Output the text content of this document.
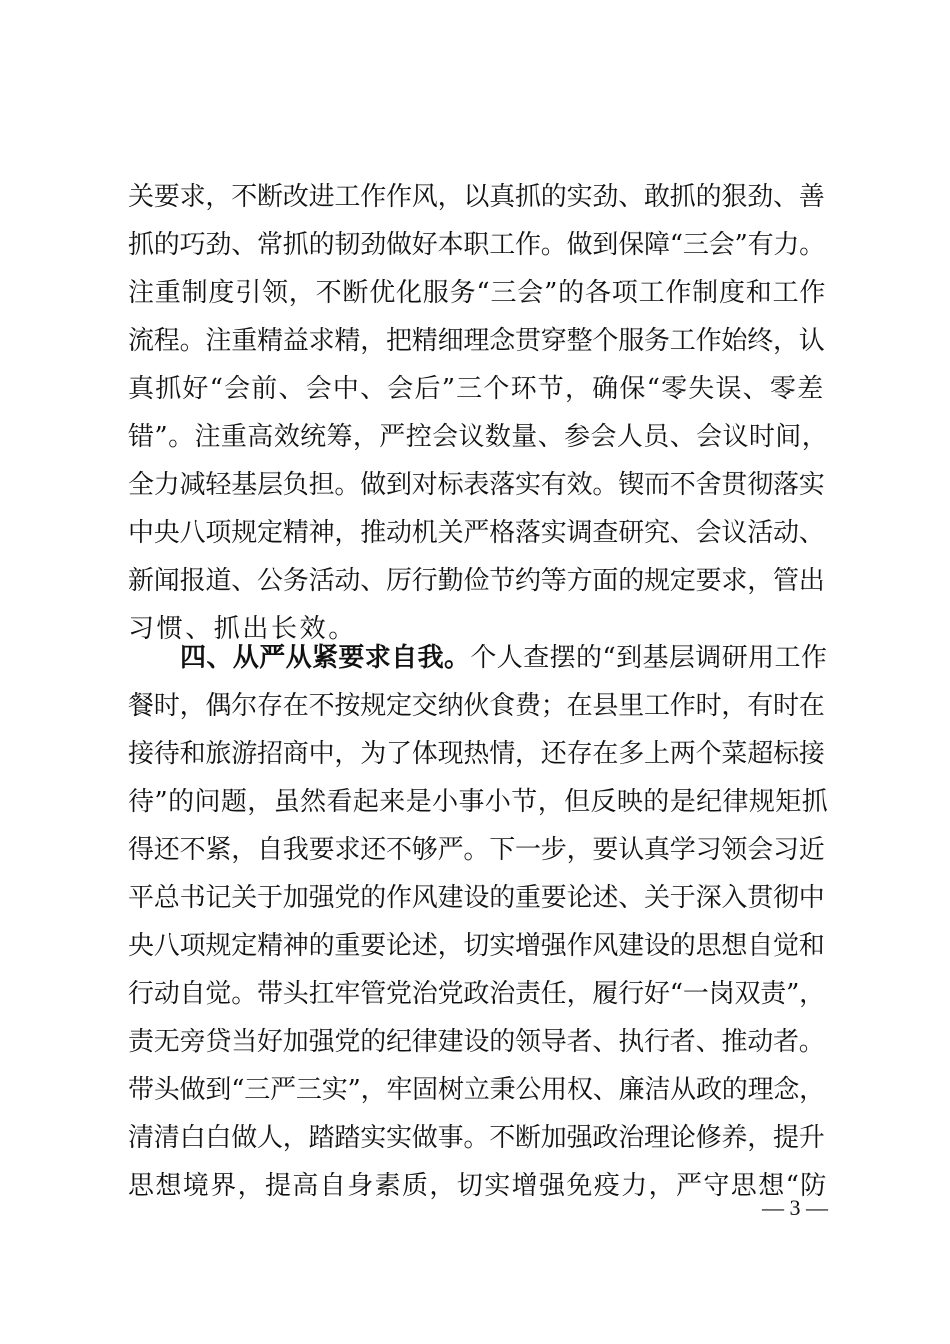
关要求，不断改进工作作风，以真抓的实劲、敢抓的狠劲、善
抓的巧劲、常抓的韧劲做好本职工作。做到保障“三会”有力。
注重制度引领，不断优化服务“三会”的各项工作制度和工作
流程。注重精益求精，把精细理念贯穿整个服务工作始终，认
真抓好“会前、会中、会后”三个环节，确保“零失误、零差
错”。注重高效统筹，严控会议数量、参会人员、会议时间，
全力减轻基层负担。做到对标表落实有效。锲而不舍贯彻落实
中央八项规定精神，推动机关严格落实调查研究、会议活动、
新闻报道、公务活动、厉行勤俭节约等方面的规定要求，管出
习惯、抓出长效。
四、从严从紧要求自我。个人查摆的“到基层调研用工作
餐时，偶尔存在不按规定交纳伙食费；在县里工作时，有时在
接待和旅游招商中，为了体现热情，还存在多上两个菜超标接
待”的问题，虽然看起来是小事小节，但反映的是纪律规矩抓
得还不紧，自我要求还不够严。下一步，要认真学习领会习近
平总书记关于加强党的作风建设的重要论述、关于深入贯彻中
央八项规定精神的重要论述，切实增强作风建设的思想自觉和
行动自觉。带头扛牢管党治党政治责任，履行好“一岗双责”，
责无旁贷当好加强党的纪律建设的领导者、执行者、推动者。
带头做到“三严三实”，牢固树立秉公用权、廉洁从政的理念，
清清白白做人，踏踏实实做事。不断加强政治理论修养，提升
思想境界，提高自身素质，切实增强免疫力，严守思想“防
— 3 —
